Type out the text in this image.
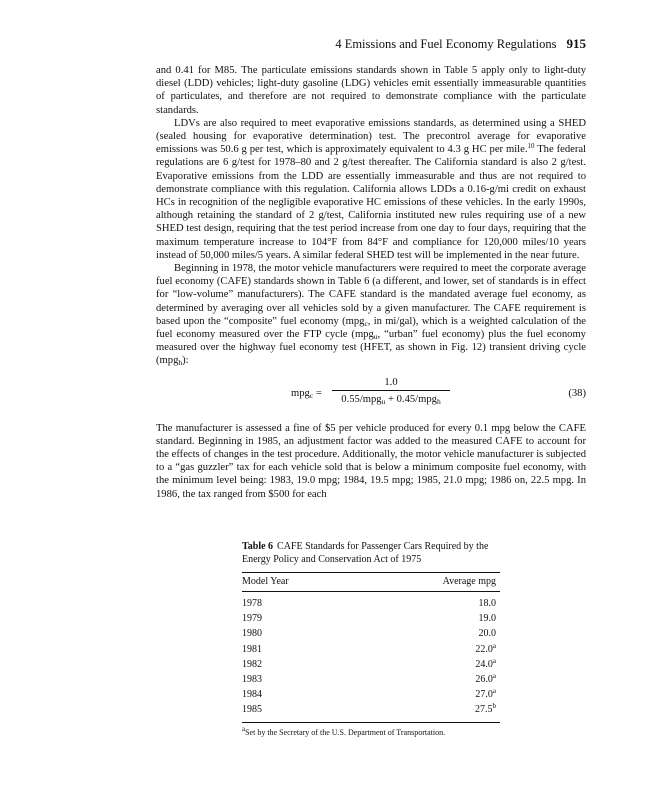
4 Emissions and Fuel Economy Regulations 915

and 0.41 for M85. The particulate emissions standards shown in Table 5 apply only to light-duty diesel (LDD) vehicles; light-duty gasoline (LDG) vehicles emit essentially immeasurable quantities of particulates, and therefore are not required to demonstrate compliance with the particulate standards.

LDVs are also required to meet evaporative emissions standards, as determined using a SHED (sealed housing for evaporative determination) test. The precontrol average for evaporative emissions was 50.6 g per test, which is approximately equivalent to 4.3 g HC per mile.$^{10}$ The federal regulations are 6 g/test for 1978–80 and 2 g/test thereafter. The California standard is also 2 g/test. Evaporative emissions from the LDD are essentially immeasurable and thus are not required to demonstrate compliance with this regulation. California allows LDDs a 0.16-g/mi credit on exhaust HCs in recognition of the negligible evaporative HC emissions of these vehicles. In the early 1990s, although retaining the standard of 2 g/test, California instituted new rules requiring use of a new SHED test design, requiring that the test period increase from one day to four days, requiring that the maximum temperature increase to 104°F from 84°F and compliance for 120,000 miles/10 years instead of 50,000 miles/5 years. A similar federal SHED test will be implemented in the near future.

Beginning in 1978, the motor vehicle manufacturers were required to meet the corporate average fuel economy (CAFE) standards shown in Table 6 (a different, and lower, set of standards is in effect for “low-volume” manufacturers). The CAFE standard is the mandated average fuel economy, as determined by averaging over all vehicles sold by a given manufacturer. The CAFE requirement is based upon the “composite” fuel economy (mpg$_c$, in mi/gal), which is a weighted calculation of the fuel economy measured over the FTP cycle (mpg$_u$, “urban” fuel economy) plus the fuel economy measured over the highway fuel economy test (HFET, as shown in Fig. 12) transient driving cycle (mpg$_h$):

mpg$_c$ =
1.0
0.55/mpg$_u$ + 0.45/mpg$_h$
(38)

The manufacturer is assessed a fine of $5 per vehicle produced for every 0.1 mpg below the CAFE standard. Beginning in 1985, an adjustment factor was added to the measured CAFE to account for the effects of changes in the test procedure. Additionally, the motor vehicle manufacturer is subjected to a “gas guzzler” tax for each vehicle sold that is below a minimum composite fuel economy, with the minimum level being: 1983, 19.0 mpg; 1984, 19.5 mpg; 1985, 21.0 mpg; 1986 on, 22.5 mpg. In 1986, the tax ranged from $500 for each

Table 6 CAFE Standards for Passenger Cars Required by the Energy Policy and Conservation Act of 1975
Model Year	Average mpg
1978	18.0
1979	19.0
1980	20.0
1981	22.0$^a$
1982	24.0$^a$
1983	26.0$^a$
1984	27.0$^a$
1985	27.5$^b$
$^a$Set by the Secretary of the U.S. Department of Transportation.
